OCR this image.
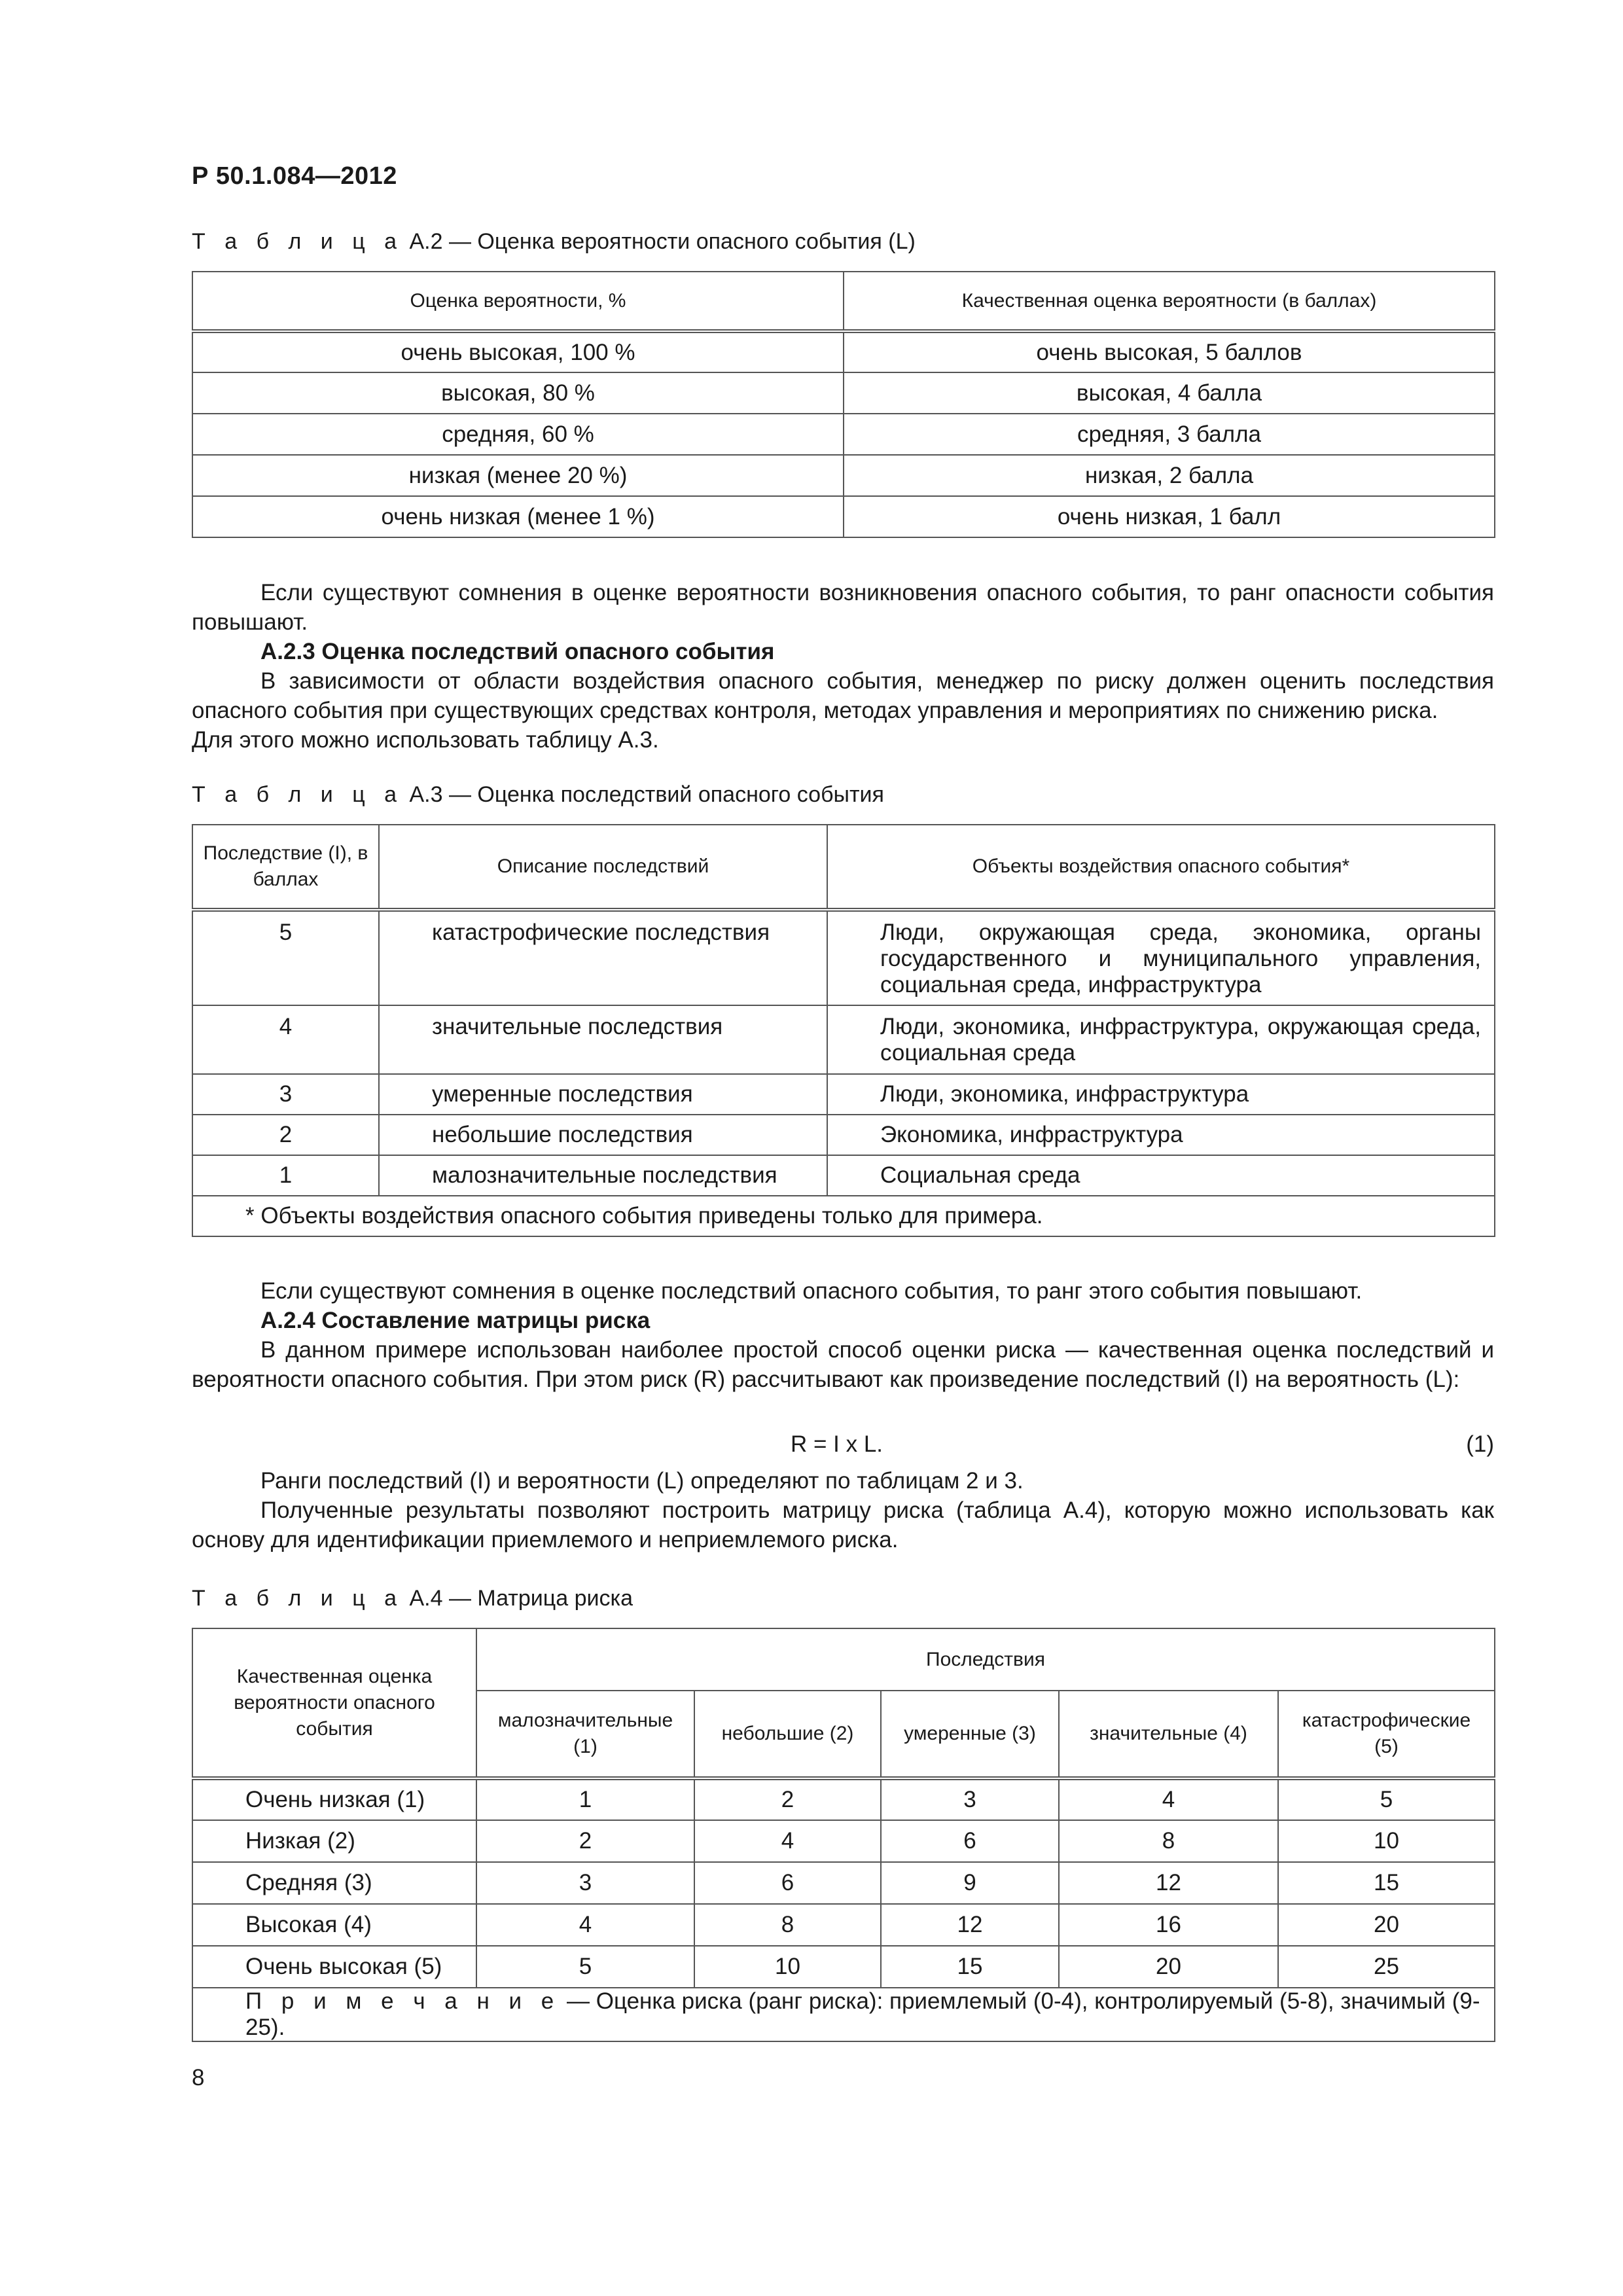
Р 50.1.084—2012
Т а б л и ц а А.2 — Оценка вероятности опасного события (L)
Оценка вероятности, %	Качественная оценка вероятности (в баллах)
очень высокая, 100 %	очень высокая, 5 баллов
высокая, 80 %	высокая, 4 балла
средняя, 60 %	средняя, 3 балла
низкая (менее 20 %)	низкая, 2 балла
очень низкая (менее 1 %)	очень низкая, 1 балл

Если существуют сомнения в оценке вероятности возникновения опасного события, то ранг опасности события повышают.

А.2.3 Оценка последствий опасного события

В зависимости от области воздействия опасного события, менеджер по риску должен оценить последствия опасного события при существующих средствах контроля, методах управления и мероприятиях по снижению риска.

Для этого можно использовать таблицу А.3.

Т а б л и ц а А.3 — Оценка последствий опасного события
Последствие (I), в баллах	Описание последствий	Объекты воздействия опасного события*
5	катастрофические последствия	Люди, окружающая среда, экономика, органы государственного и муниципального управления, социальная среда, инфраструктура
4	значительные последствия	Люди, экономика, инфраструктура, окружающая среда, социальная среда
3	умеренные последствия	Люди, экономика, инфраструктура
2	небольшие последствия	Экономика, инфраструктура
1	малозначительные последствия	Социальная среда
* Объекты воздействия опасного события приведены только для примера.		

Если существуют сомнения в оценке последствий опасного события, то ранг этого события повышают.

А.2.4 Составление матрицы риска

В данном примере использован наиболее простой способ оценки риска — качественная оценка последствий и вероятности опасного события. При этом риск (R) рассчитывают как произведение последствий (I) на вероятность (L):

R = I x L.	(1)

Ранги последствий (I) и вероятности (L) определяют по таблицам 2 и 3.

Полученные результаты позволяют построить матрицу риска (таблица А.4), которую можно использовать как основу для идентификации приемлемого и неприемлемого риска.

Т а б л и ц а А.4 — Матрица риска
Качественная оценка вероятности опасного события	Последствия				
	малозначительные (1)	небольшие (2)	умеренные (3)	значительные (4)	катастрофические (5)
Очень низкая (1)	1	2	3	4	5
Низкая (2)	2	4	6	8	10
Средняя (3)	3	6	9	12	15
Высокая (4)	4	8	12	16	20
Очень высокая (5)	5	10	15	20	25
П р и м е ч а н и е — Оценка риска (ранг риска): приемлемый (0-4), контролируемый (5-8), значимый (9-25).					
8
